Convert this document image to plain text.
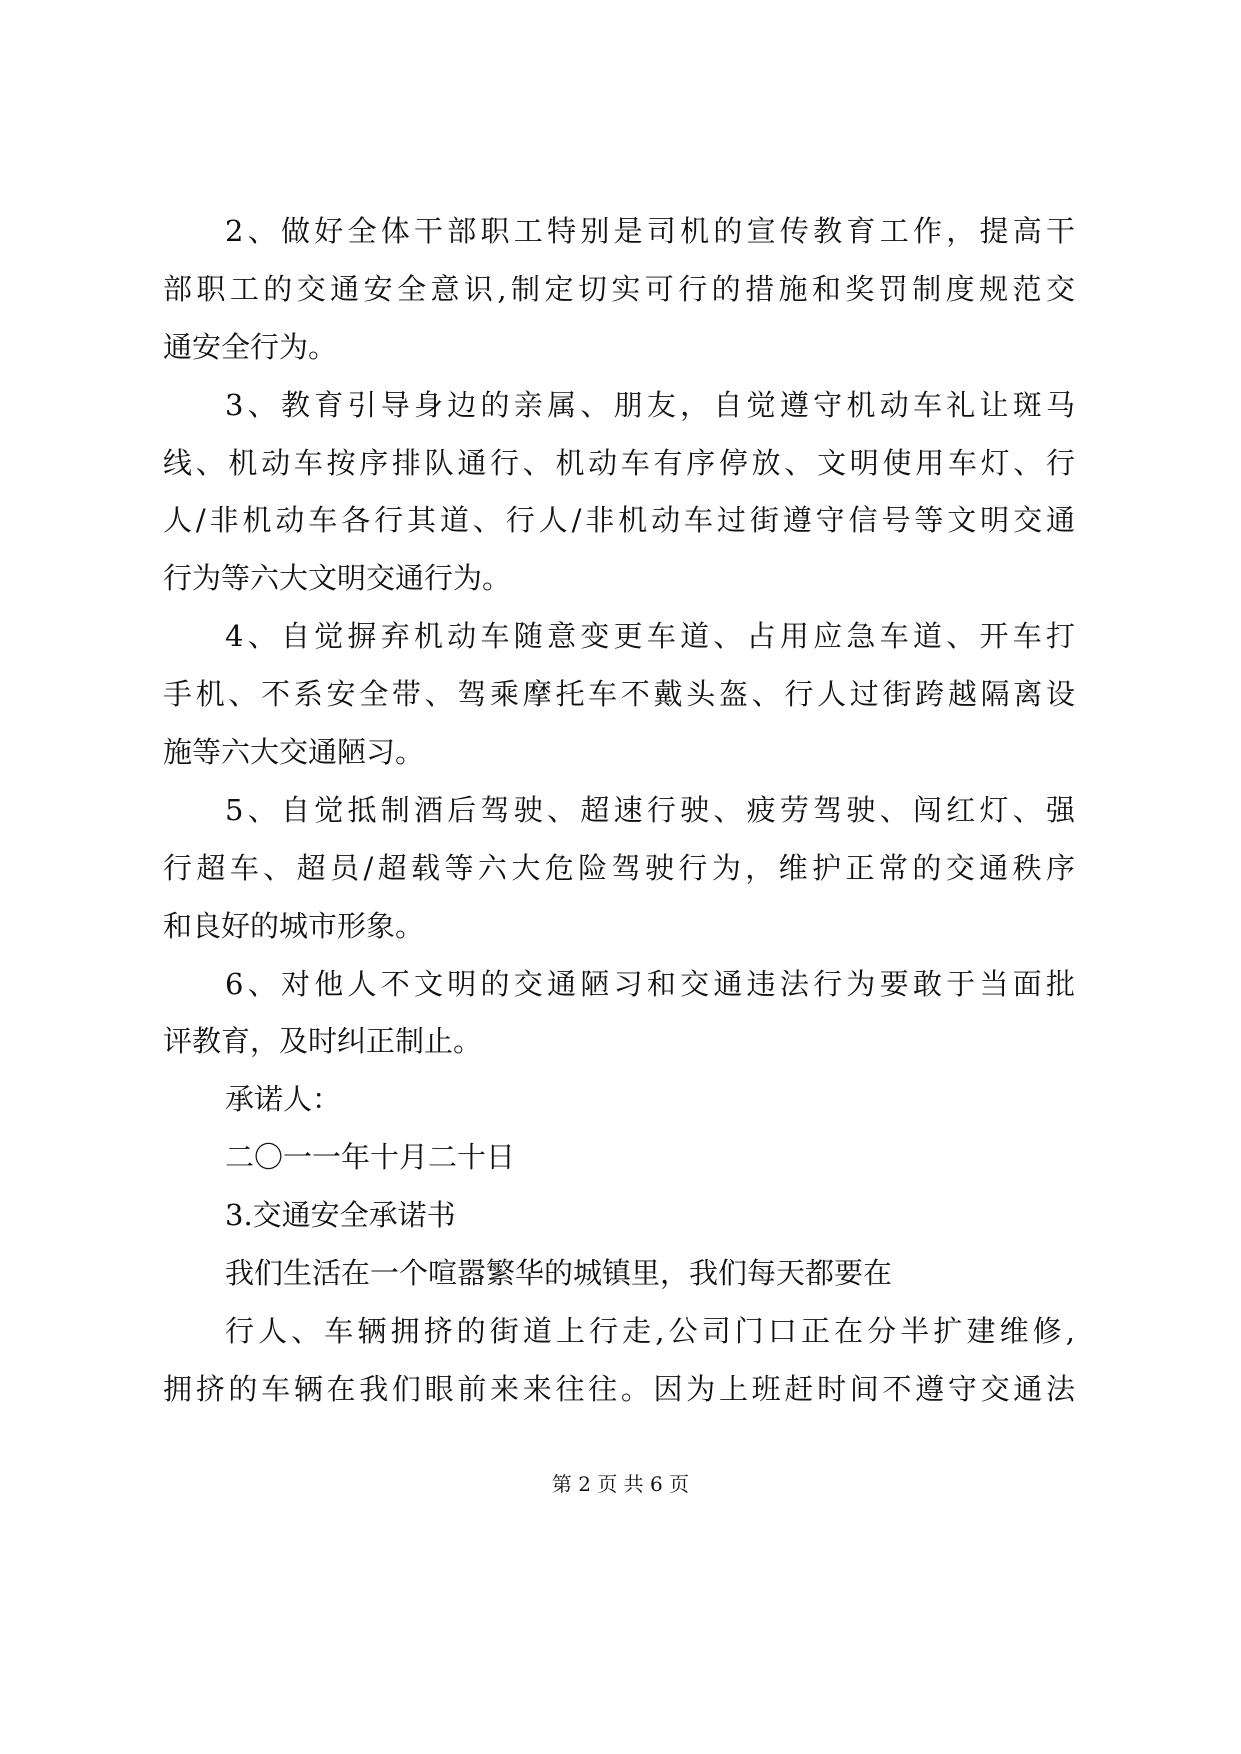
2、做好全体干部职工特别是司机的宣传教育工作，提高干
部职工的交通安全意识,制定切实可行的措施和奖罚制度规范交
通安全行为。
3、教育引导身边的亲属、朋友，自觉遵守机动车礼让斑马
线、机动车按序排队通行、机动车有序停放、文明使用车灯、行
人/非机动车各行其道、行人/非机动车过街遵守信号等文明交通
行为等六大文明交通行为。
4、自觉摒弃机动车随意变更车道、占用应急车道、开车打
手机、不系安全带、驾乘摩托车不戴头盔、行人过街跨越隔离设
施等六大交通陋习。
5、自觉抵制酒后驾驶、超速行驶、疲劳驾驶、闯红灯、强
行超车、超员/超载等六大危险驾驶行为，维护正常的交通秩序
和良好的城市形象。
6、对他人不文明的交通陋习和交通违法行为要敢于当面批
评教育，及时纠正制止。
承诺人：
二〇一一年十月二十日
3.交通安全承诺书
我们生活在一个喧嚣繁华的城镇里，我们每天都要在
行人、车辆拥挤的街道上行走,公司门口正在分半扩建维修,
拥挤的车辆在我们眼前来来往往。因为上班赶时间不遵守交通法
第 2 页 共 6 页
